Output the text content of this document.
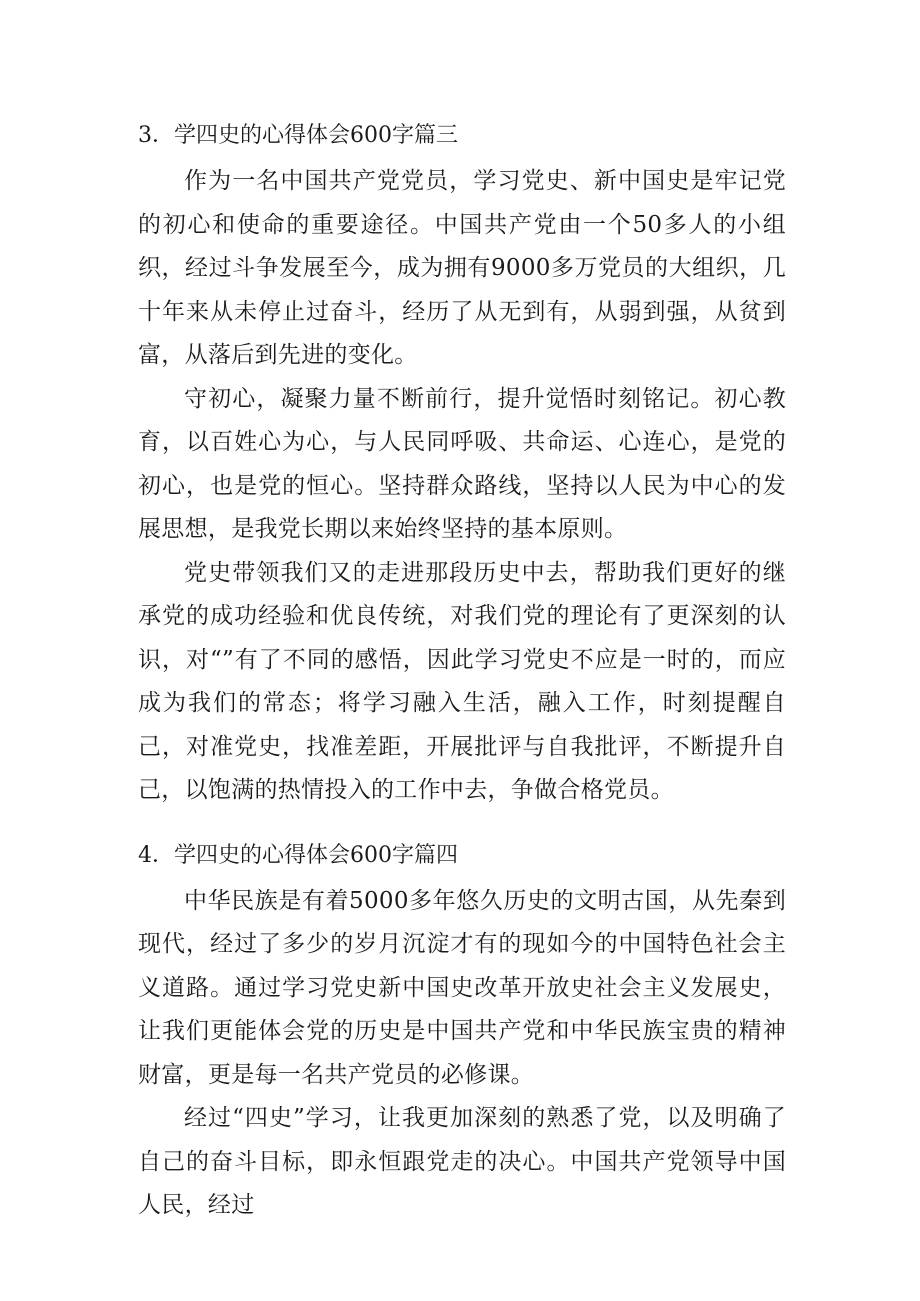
3．学四史的心得体会600字篇三

作为一名中国共产党党员，学习党史、新中国史是牢记党的初心和使命的重要途径。中国共产党由一个50多人的小组织，经过斗争发展至今，成为拥有9000多万党员的大组织，几十年来从未停止过奋斗，经历了从无到有，从弱到强，从贫到富，从落后到先进的变化。

守初心，凝聚力量不断前行，提升觉悟时刻铭记。初心教育，以百姓心为心，与人民同呼吸、共命运、心连心，是党的初心，也是党的恒心。坚持群众路线，坚持以人民为中心的发展思想，是我党长期以来始终坚持的基本原则。

党史带领我们又的走进那段历史中去，帮助我们更好的继承党的成功经验和优良传统，对我们党的理论有了更深刻的认识，对“”有了不同的感悟，因此学习党史不应是一时的，而应成为我们的常态；将学习融入生活，融入工作，时刻提醒自己，对准党史，找准差距，开展批评与自我批评，不断提升自己，以饱满的热情投入的工作中去，争做合格党员。

4．学四史的心得体会600字篇四

中华民族是有着5000多年悠久历史的文明古国，从先秦到现代，经过了多少的岁月沉淀才有的现如今的中国特色社会主义道路。通过学习党史新中国史改革开放史社会主义发展史，让我们更能体会党的历史是中国共产党和中华民族宝贵的精神财富，更是每一名共产党员的必修课。

经过“四史”学习，让我更加深刻的熟悉了党，以及明确了自己的奋斗目标，即永恒跟党走的决心。中国共产党领导中国人民，经过
